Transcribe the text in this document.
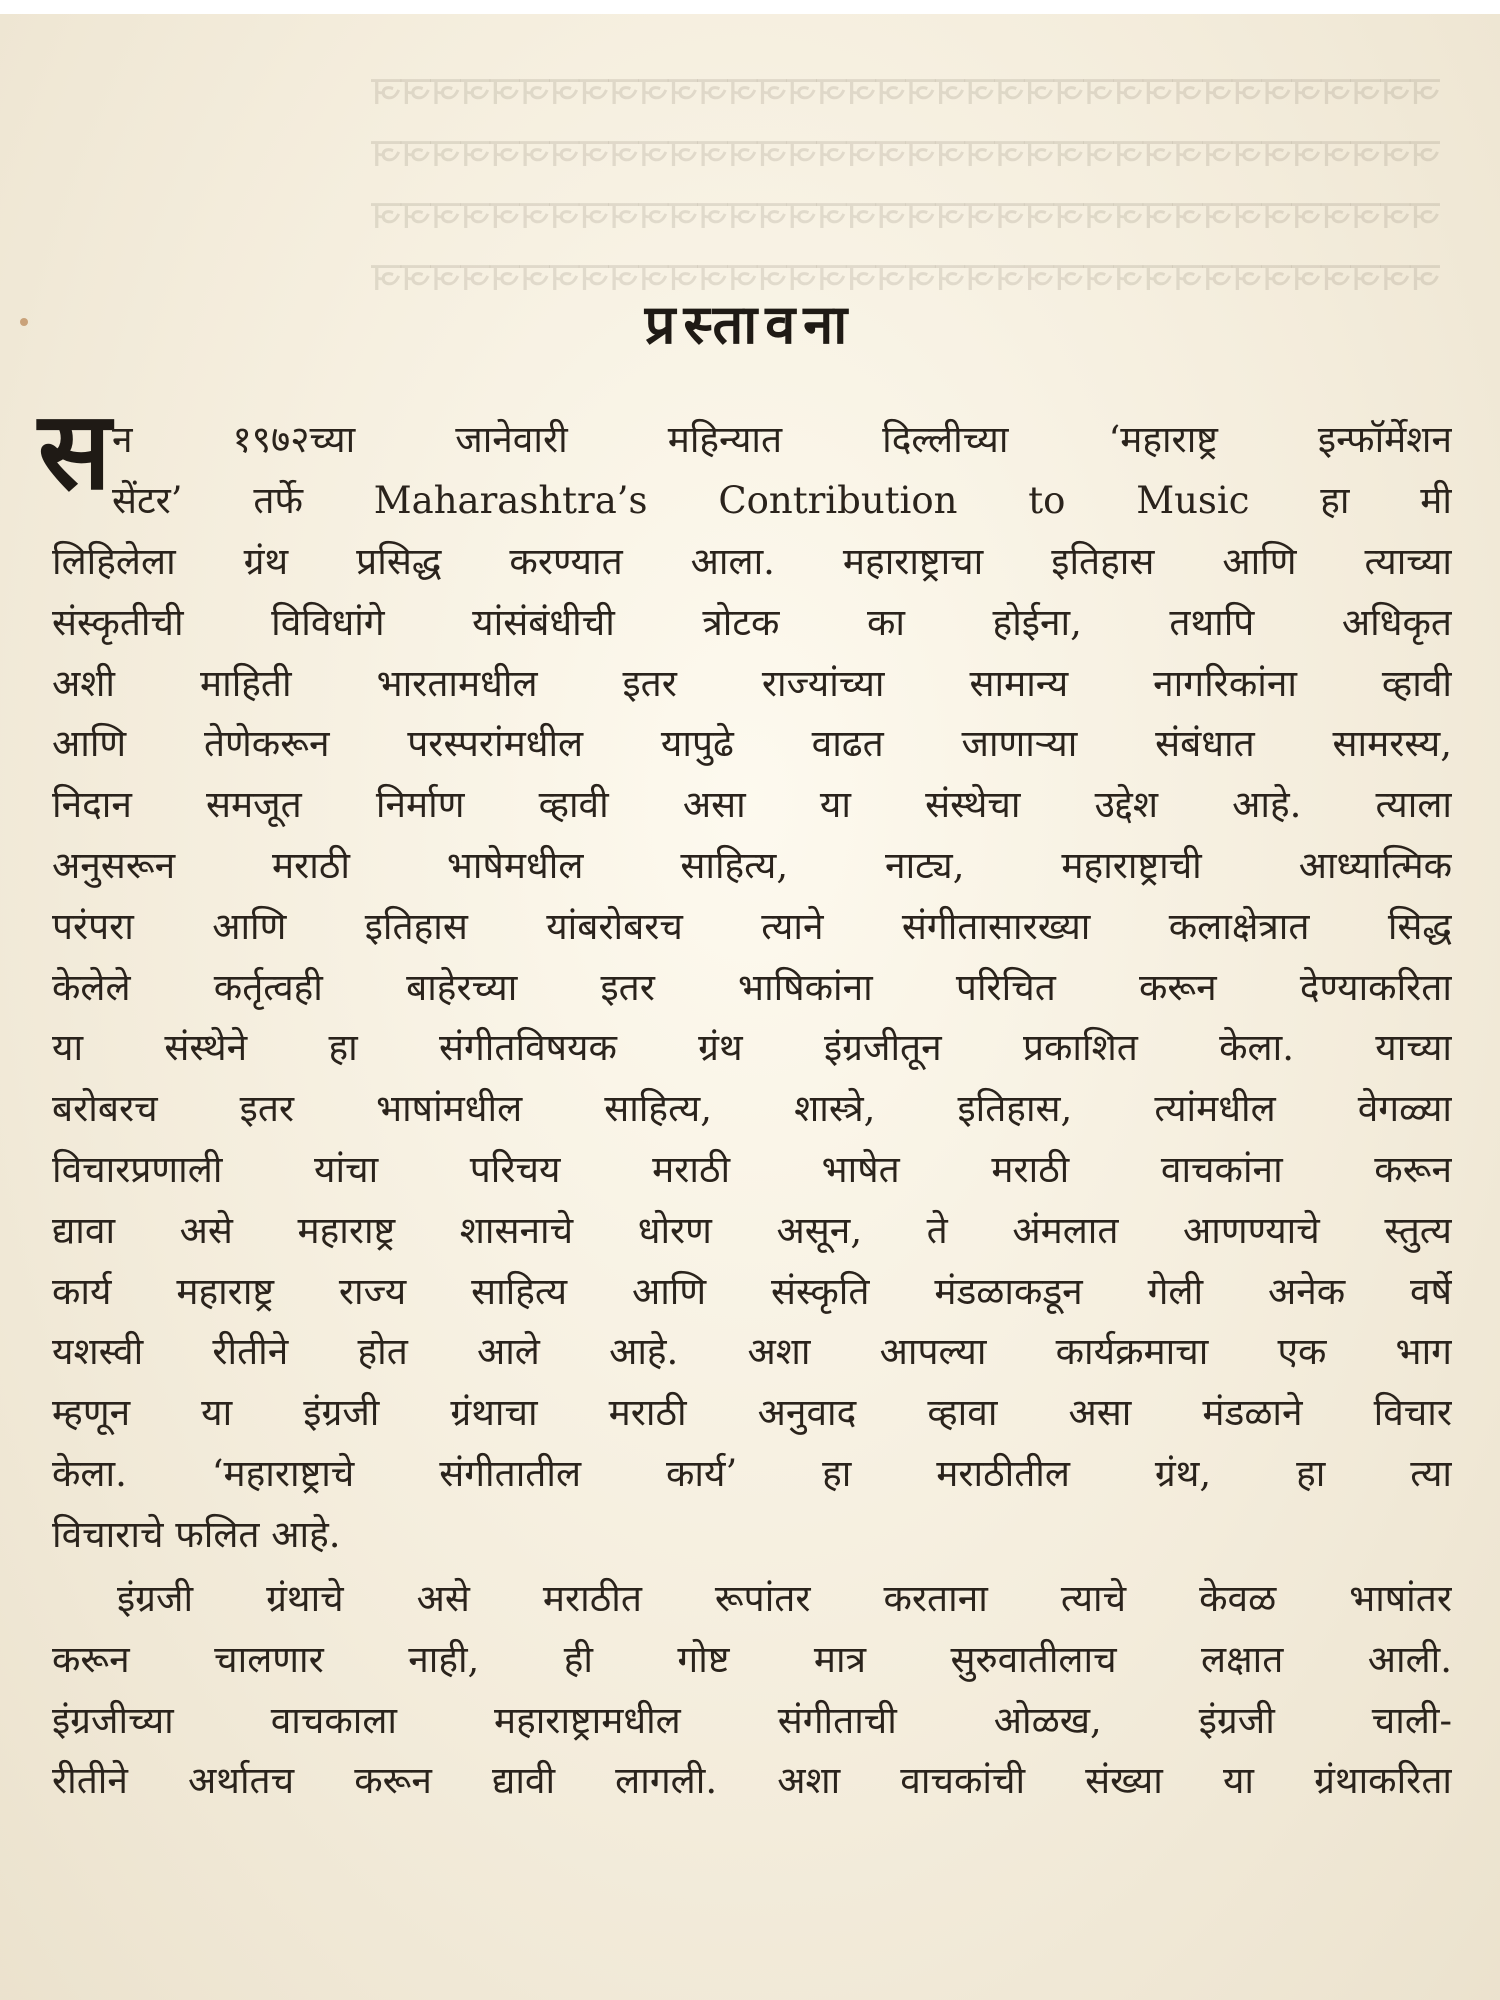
ञञञञञञञञञञञञञञञञञञञञञञञञञञञञञञञञञञञञ
ञञञञञञञञञञञञञञञञञञञञञञञञञञञञञञञञञञञञ
ञञञञञञञञञञञञञञञञञञञञञञञञञञञञञञञञञञञञ
ञञञञञञञञञञञञञञञञञञञञञञञञञञञञञञञञञञञञ
प्रस्तावना
स न १९७२च्या जानेवारी महिन्यात दिल्लीच्या ‘महाराष्ट्र इन्फॉर्मेशन
सेंटर’ तर्फे Maharashtra’s Contribution to Music हा मी
लिहिलेला ग्रंथ प्रसिद्ध करण्यात आला. महाराष्ट्राचा इतिहास आणि त्याच्या
संस्कृतीची विविधांगे यांसंबंधीची त्रोटक का होईना, तथापि अधिकृत
अशी माहिती भारतामधील इतर राज्यांच्या सामान्य नागरिकांना व्हावी
आणि तेणेकरून परस्परांमधील यापुढे वाढत जाणाऱ्या संबंधात सामरस्य,
निदान समजूत निर्माण व्हावी असा या संस्थेचा उद्देश आहे. त्याला
अनुसरून मराठी भाषेमधील साहित्य, नाट्य, महाराष्ट्राची आध्यात्मिक
परंपरा आणि इतिहास यांबरोबरच त्याने संगीतासारख्या कलाक्षेत्रात सिद्ध
केलेले कर्तृत्वही बाहेरच्या इतर भाषिकांना परिचित करून देण्याकरिता
या संस्थेने हा संगीतविषयक ग्रंथ इंग्रजीतून प्रकाशित केला. याच्या
बरोबरच इतर भाषांमधील साहित्य, शास्त्रे, इतिहास, त्यांमधील वेगळ्या
विचारप्रणाली यांचा परिचय मराठी भाषेत मराठी वाचकांना करून
द्यावा असे महाराष्ट्र शासनाचे धोरण असून, ते अंमलात आणण्याचे स्तुत्य
कार्य महाराष्ट्र राज्य साहित्य आणि संस्कृति मंडळाकडून गेली अनेक वर्षे
यशस्वी रीतीने होत आले आहे. अशा आपल्या कार्यक्रमाचा एक भाग
म्हणून या इंग्रजी ग्रंथाचा मराठी अनुवाद व्हावा असा मंडळाने विचार
केला. ‘महाराष्ट्राचे संगीतातील कार्य’ हा मराठीतील ग्रंथ, हा त्या
विचाराचे फलित आहे.
इंग्रजी ग्रंथाचे असे मराठीत रूपांतर करताना त्याचे केवळ भाषांतर
करून चालणार नाही, ही गोष्ट मात्र सुरुवातीलाच लक्षात आली.
इंग्रजीच्या वाचकाला महाराष्ट्रामधील संगीताची ओळख, इंग्रजी चाली-
रीतीने अर्थातच करून द्यावी लागली. अशा वाचकांची संख्या या ग्रंथाकरिता
